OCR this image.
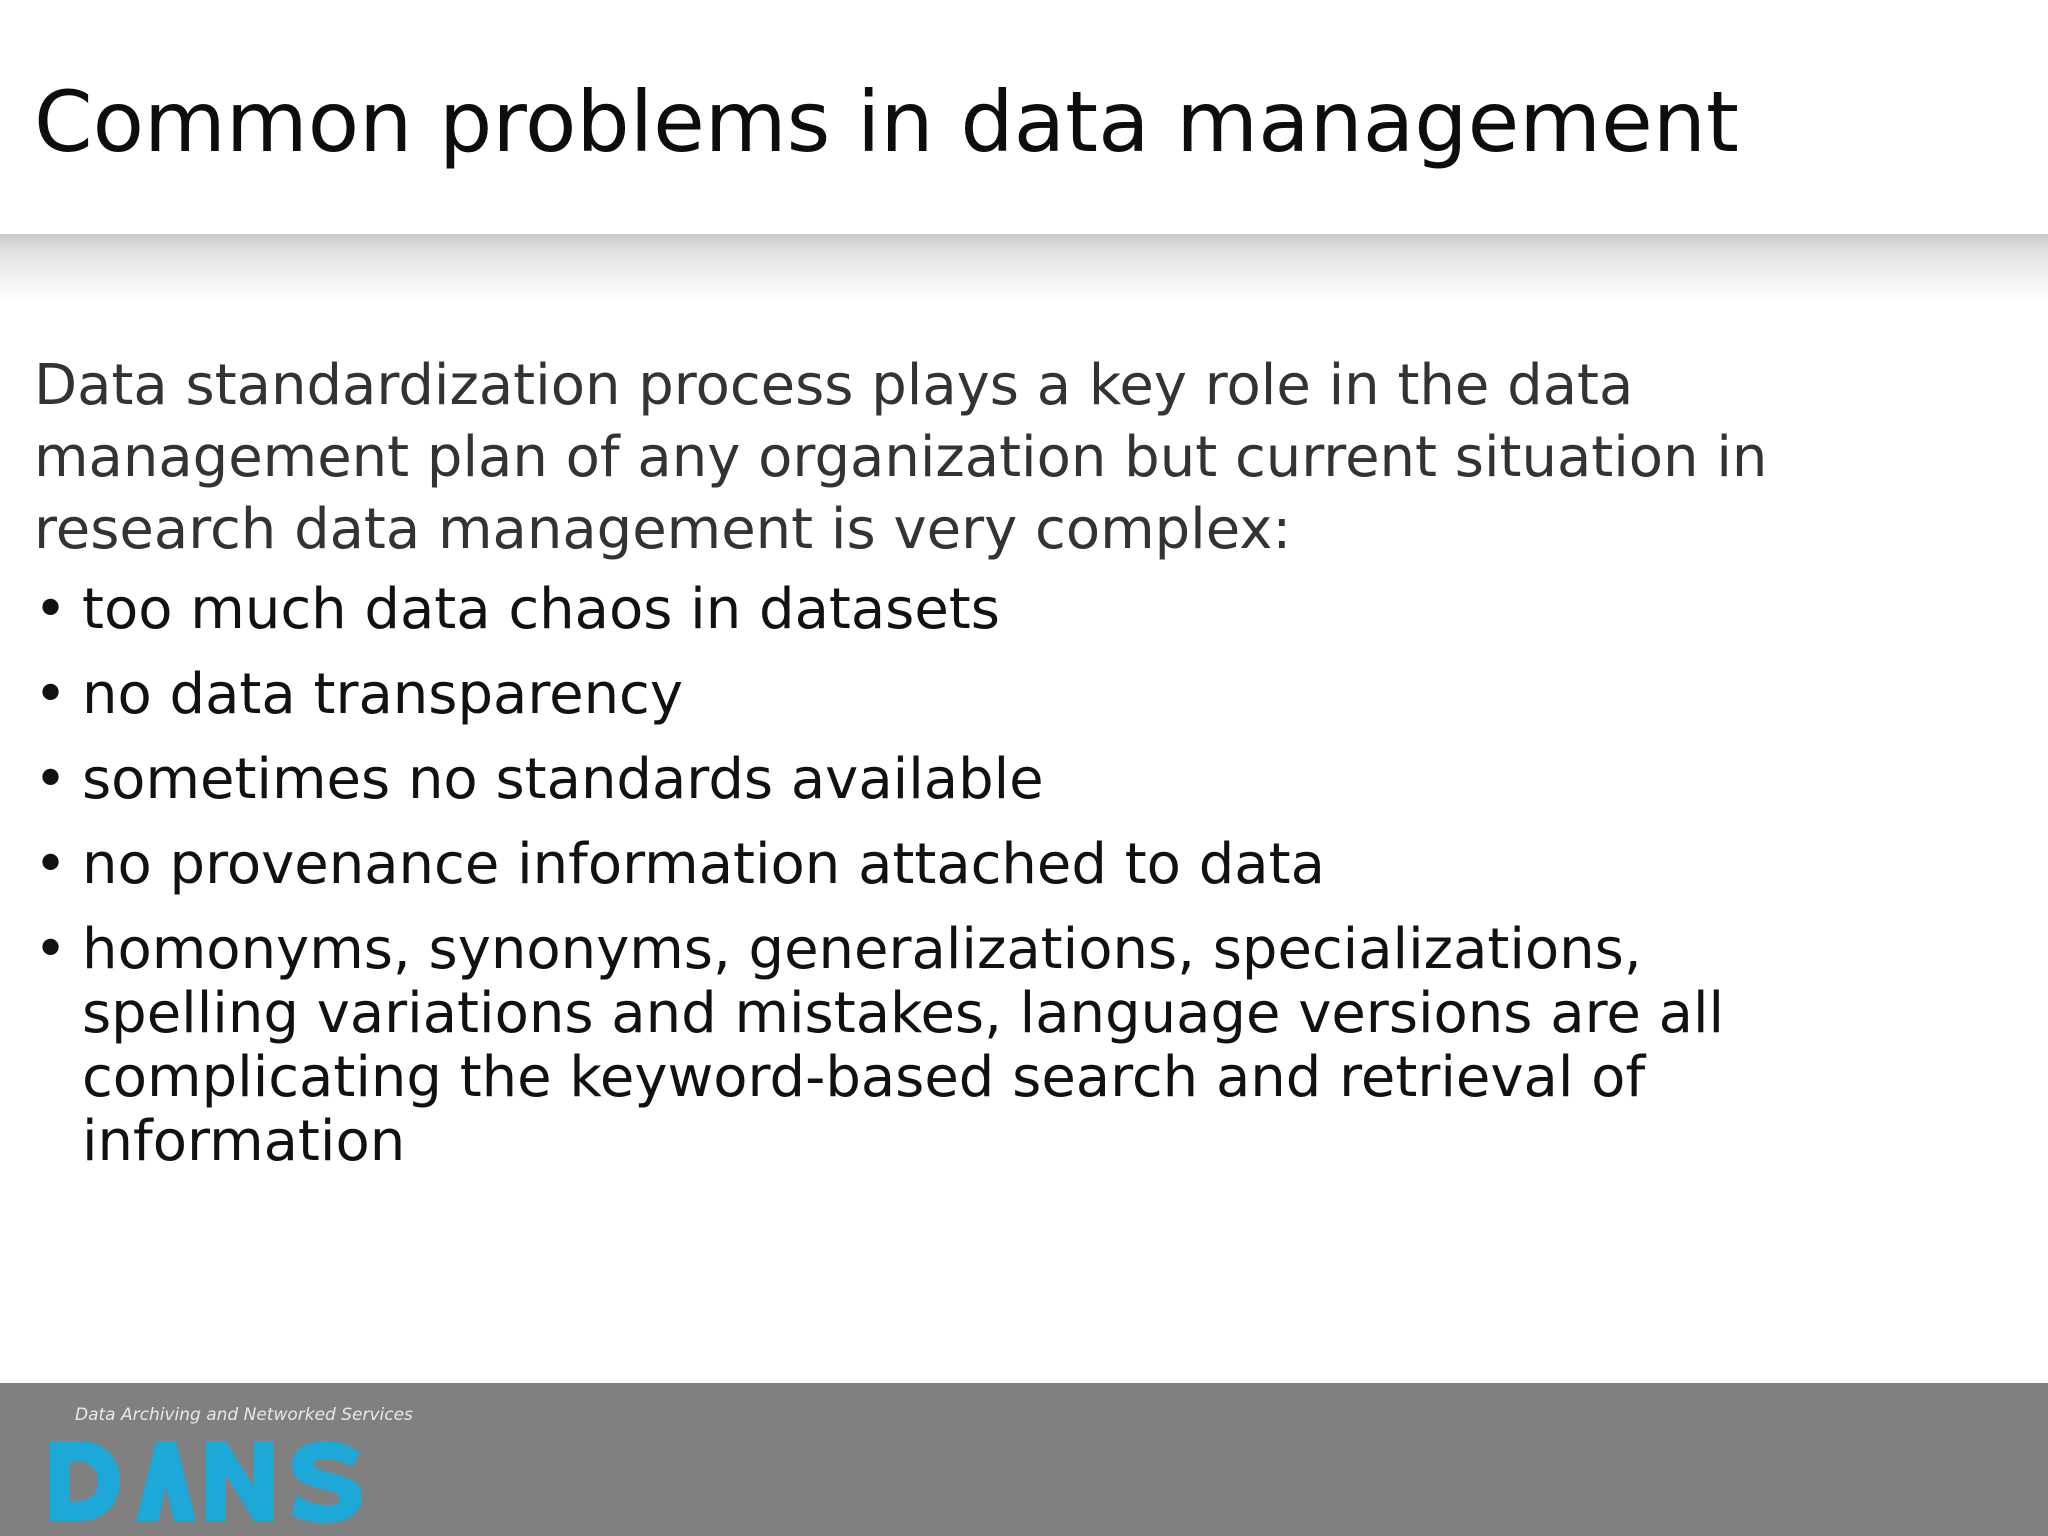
Common problems in data management

Data standardization process plays a key role in the data
management plan of any organization but current situation in
research data management is very complex:

• too much data chaos in datasets
• no data transparency
• sometimes no standards available
• no provenance information attached to data
• homonyms, synonyms, generalizations, specializations,
spelling variations and mistakes, language versions are all
complicating the keyword-based search and retrieval of
information
Data Archiving and Networked Services
